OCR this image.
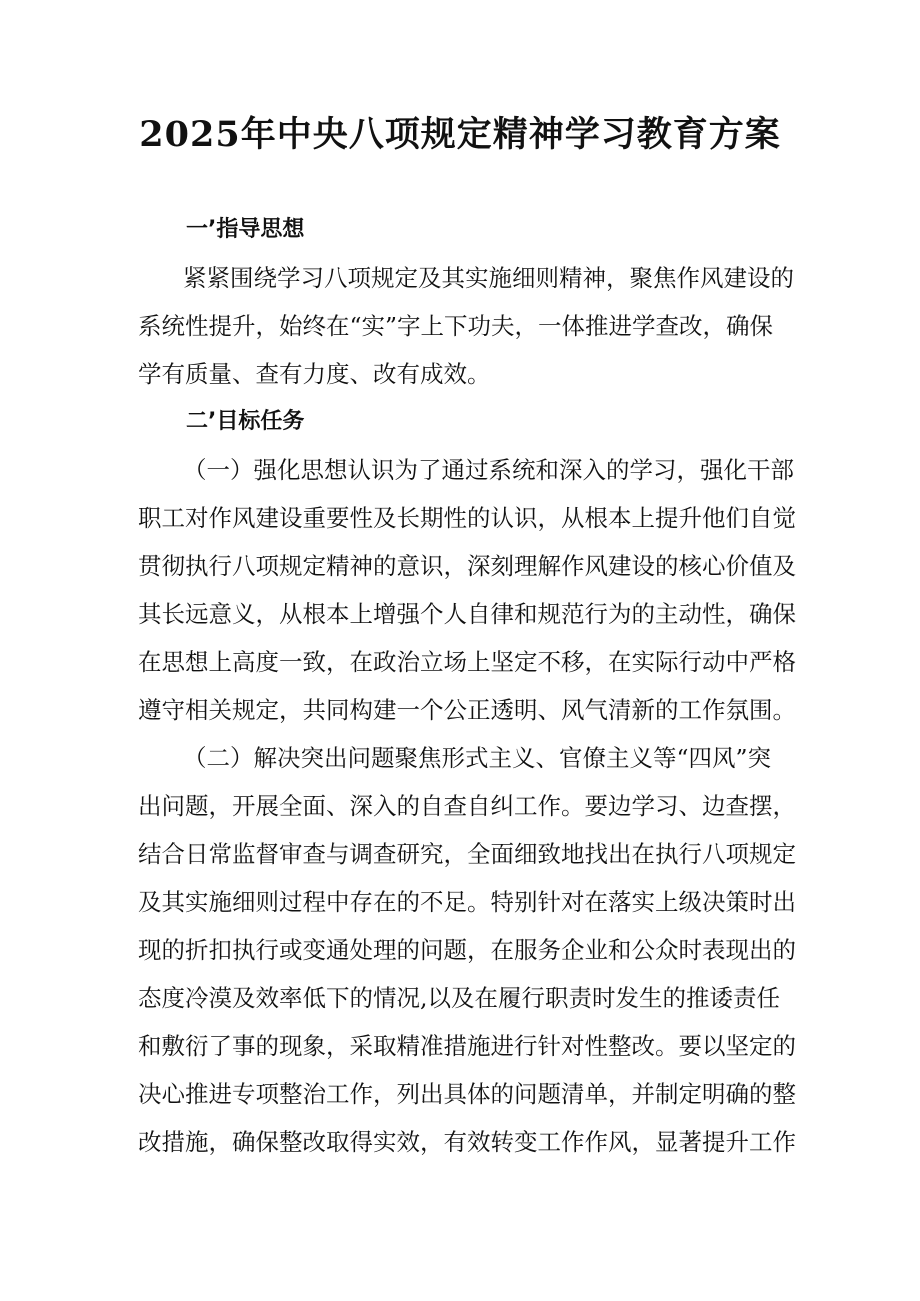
2025年中央八项规定精神学习教育方案
一’指导思想
紧紧围绕学习八项规定及其实施细则精神，聚焦作风建设的
系统性提升，始终在“实”字上下功夫，一体推进学查改，确保
学有质量、查有力度、改有成效。
二’目标任务
（一）强化思想认识为了通过系统和深入的学习，强化干部
职工对作风建设重要性及长期性的认识，从根本上提升他们自觉
贯彻执行八项规定精神的意识，深刻理解作风建设的核心价值及
其长远意义，从根本上增强个人自律和规范行为的主动性，确保
在思想上高度一致，在政治立场上坚定不移，在实际行动中严格
遵守相关规定，共同构建一个公正透明、风气清新的工作氛围。
（二）解决突出问题聚焦形式主义、官僚主义等“四风”突
出问题，开展全面、深入的自查自纠工作。要边学习、边查摆，
结合日常监督审查与调查研究，全面细致地找出在执行八项规定
及其实施细则过程中存在的不足。特别针对在落实上级决策时出
现的折扣执行或变通处理的问题，在服务企业和公众时表现出的
态度冷漠及效率低下的情况,以及在履行职责时发生的推诿责任
和敷衍了事的现象，采取精准措施进行针对性整改。要以坚定的
决心推进专项整治工作，列出具体的问题清单，并制定明确的整
改措施，确保整改取得实效，有效转变工作作风，显著提升工作
